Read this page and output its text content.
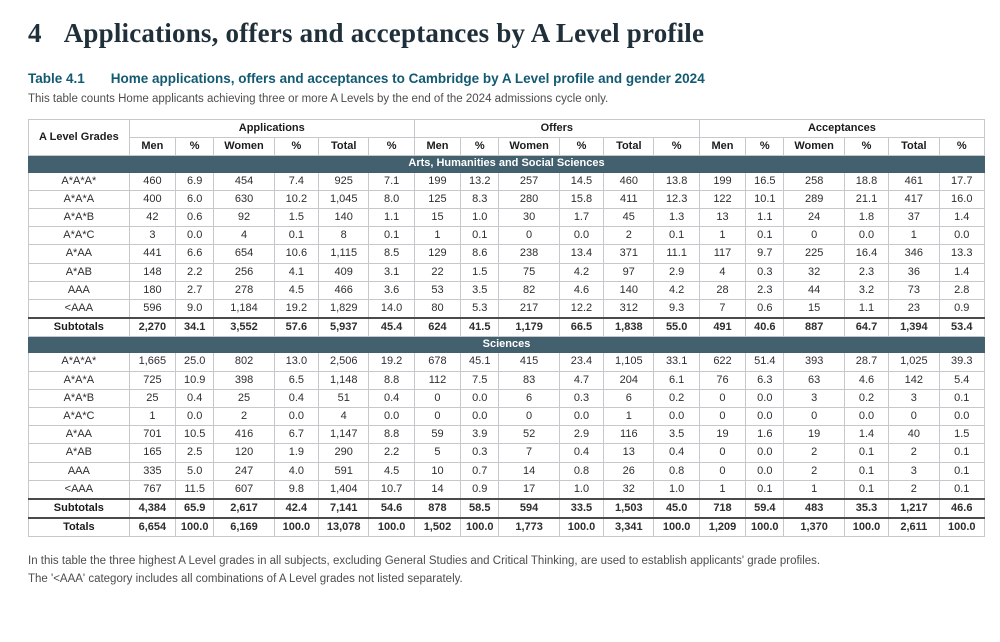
4 Applications, offers and acceptances by A Level profile
Table 4.1 Home applications, offers and acceptances to Cambridge by A Level profile and gender 2024

This table counts Home applicants achieving three or more A Levels by the end of the 2024 admissions cycle only.

A Level Grades	Applications						Offers						Acceptances					
	Men	%	Women	%	Total	%	Men	%	Women	%	Total	%	Men	%	Women	%	Total	%
Arts, Humanities and Social Sciences																		
A*A*A*	460	6.9	454	7.4	925	7.1	199	13.2	257	14.5	460	13.8	199	16.5	258	18.8	461	17.7
A*A*A	400	6.0	630	10.2	1,045	8.0	125	8.3	280	15.8	411	12.3	122	10.1	289	21.1	417	16.0
A*A*B	42	0.6	92	1.5	140	1.1	15	1.0	30	1.7	45	1.3	13	1.1	24	1.8	37	1.4
A*A*C	3	0.0	4	0.1	8	0.1	1	0.1	0	0.0	2	0.1	1	0.1	0	0.0	1	0.0
A*AA	441	6.6	654	10.6	1,115	8.5	129	8.6	238	13.4	371	11.1	117	9.7	225	16.4	346	13.3
A*AB	148	2.2	256	4.1	409	3.1	22	1.5	75	4.2	97	2.9	4	0.3	32	2.3	36	1.4
AAA	180	2.7	278	4.5	466	3.6	53	3.5	82	4.6	140	4.2	28	2.3	44	3.2	73	2.8
<AAA	596	9.0	1,184	19.2	1,829	14.0	80	5.3	217	12.2	312	9.3	7	0.6	15	1.1	23	0.9
Subtotals	2,270	34.1	3,552	57.6	5,937	45.4	624	41.5	1,179	66.5	1,838	55.0	491	40.6	887	64.7	1,394	53.4
Sciences																		
A*A*A*	1,665	25.0	802	13.0	2,506	19.2	678	45.1	415	23.4	1,105	33.1	622	51.4	393	28.7	1,025	39.3
A*A*A	725	10.9	398	6.5	1,148	8.8	112	7.5	83	4.7	204	6.1	76	6.3	63	4.6	142	5.4
A*A*B	25	0.4	25	0.4	51	0.4	0	0.0	6	0.3	6	0.2	0	0.0	3	0.2	3	0.1
A*A*C	1	0.0	2	0.0	4	0.0	0	0.0	0	0.0	1	0.0	0	0.0	0	0.0	0	0.0
A*AA	701	10.5	416	6.7	1,147	8.8	59	3.9	52	2.9	116	3.5	19	1.6	19	1.4	40	1.5
A*AB	165	2.5	120	1.9	290	2.2	5	0.3	7	0.4	13	0.4	0	0.0	2	0.1	2	0.1
AAA	335	5.0	247	4.0	591	4.5	10	0.7	14	0.8	26	0.8	0	0.0	2	0.1	3	0.1
<AAA	767	11.5	607	9.8	1,404	10.7	14	0.9	17	1.0	32	1.0	1	0.1	1	0.1	2	0.1
Subtotals	4,384	65.9	2,617	42.4	7,141	54.6	878	58.5	594	33.5	1,503	45.0	718	59.4	483	35.3	1,217	46.6
Totals	6,654	100.0	6,169	100.0	13,078	100.0	1,502	100.0	1,773	100.0	3,341	100.0	1,209	100.0	1,370	100.0	2,611	100.0

In this table the three highest A Level grades in all subjects, excluding General Studies and Critical Thinking, are used to establish applicants' grade profiles.

The '<AAA' category includes all combinations of A Level grades not listed separately.
